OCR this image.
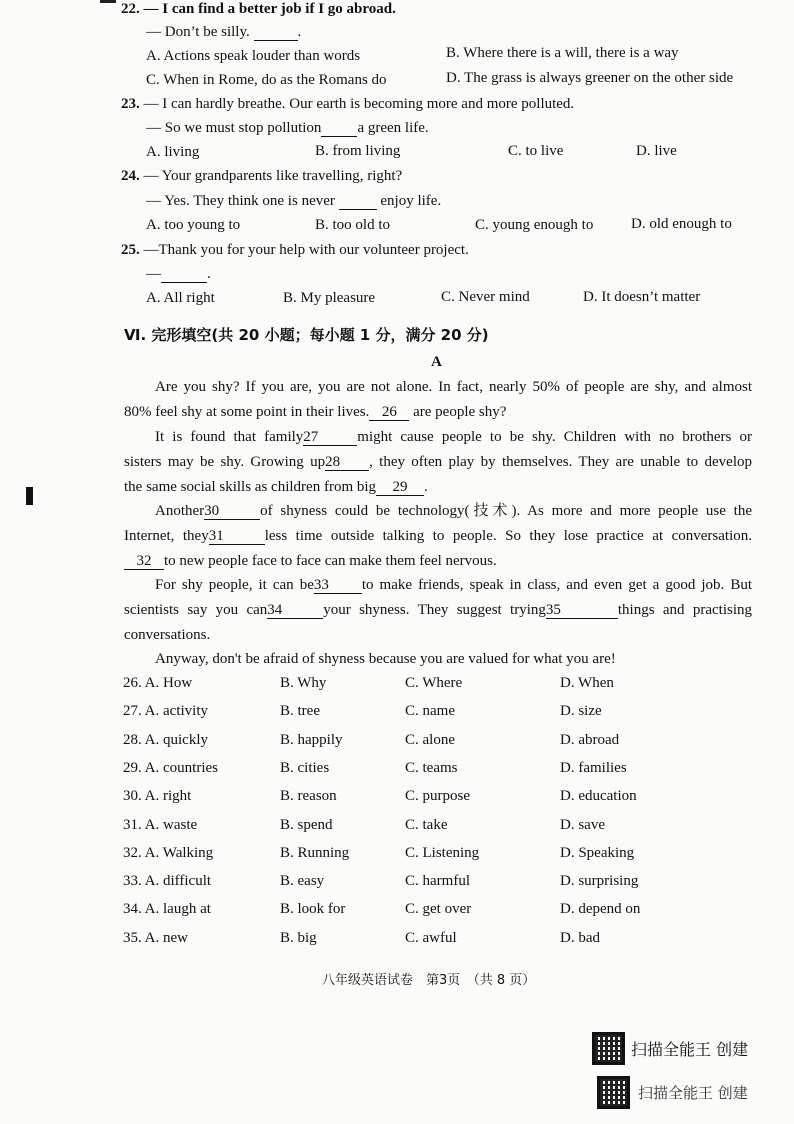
22. — I can find a better job if I go abroad.
— Don’t be silly.	.
A. Actions speak louder than words	B. Where there is a will, there is a way
C. When in Rome, do as the Romans do	D. The grass is always greener on the other side
23. — I can hardly breathe. Our earth is becoming more and more polluted.
— So we must stop pollution a green life.
A. living	B. from living	C. to live	D. live
24. — Your grandparents like travelling, right?
— Yes. They think one is never	enjoy life.
A. too young to	B. too old to	C. young enough to	D. old enough to
25. —Thank you for your help with our volunteer project.
—	.
A. All right	B. My pleasure	C. Never mind	D. It doesn’t matter
Ⅵ. 完形填空(共 20 小题；每小题 1 分，满分 20 分)
A
Are you shy? If you are, you are not alone. In fact, nearly 50% of people are shy, and almost
80% feel shy at some point in their lives. 26 are people shy?
It is found that family27	might cause people to be shy. Children with no brothers or
sisters may be shy. Growing up28 , they often play by themselves. They are unable to develop
the same social skills as children from big 29 .
Another30	of shyness could be technology(技术). As more and more people use the
Internet, they31	less time outside talking to people. So they lose practice at conversation.
32 to new people face to face can make them feel nervous.
For shy people, it can be33 to make friends, speak in class, and even get a good job. But
scientists say you can34	your shyness. They suggest trying35	things and practising
conversations.
Anyway, don't be afraid of shyness because you are valued for what you are!
26. A. How	B. Why	C. Where	D. When
27. A. activity	B. tree	C. name	D. size
28. A. quickly	B. happily	C. alone	D. abroad
29. A. countries	B. cities	C. teams	D. families
30. A. right	B. reason	C. purpose	D. education
31. A. waste	B. spend	C. take	D. save
32. A. Walking	B. Running	C. Listening	D. Speaking
33. A. difficult	B. easy	C. harmful	D. surprising
34. A. laugh at	B. look for	C. get over	D. depend on
35. A. new	B. big	C. awful	D. bad
八年级英语试卷　第3页　（共 8 页）
扫描全能王 创建
扫描全能王 创建
